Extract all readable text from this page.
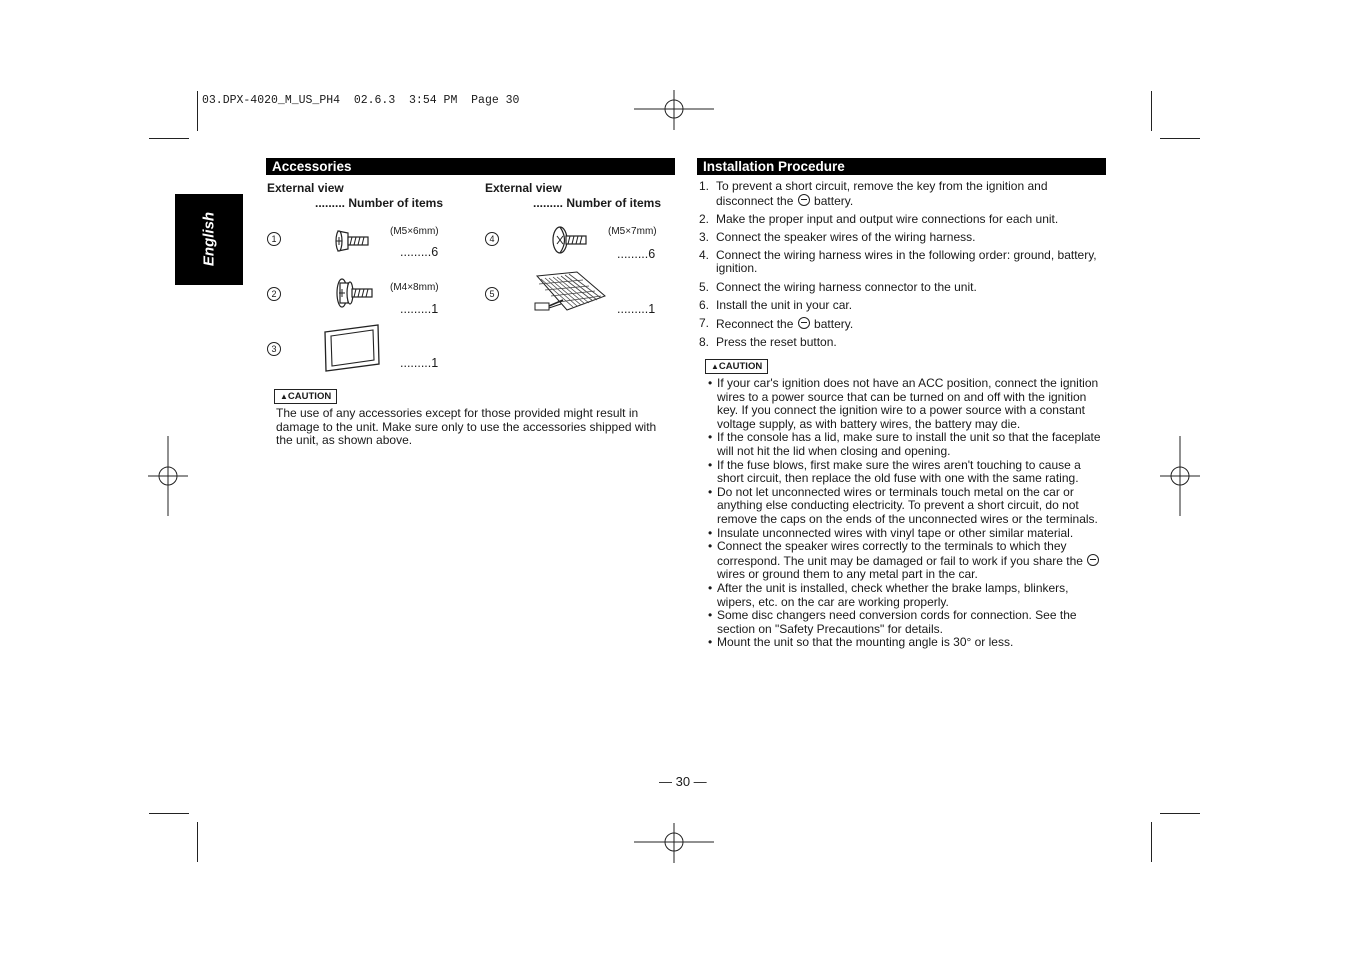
03.DPX-4020_M_US_PH4  02.6.3  3:54 PM  Page 30
English
Accessories
External view
......... Number of items
External view
......... Number of items
1
(M5×6mm)
.........6
2
(M4×8mm)
.........1
3
.........1
4
(M5×7mm)
.........6
5
.........1
▲CAUTION
The use of any accessories except for those provided might result in damage to the unit. Make sure only to use the accessories shipped with the unit, as shown above.
Installation Procedure
1. To prevent a short circuit, remove the key from the ignition and disconnect the  battery.
2. Make the proper input and output wire connections for each unit.
3. Connect the speaker wires of the wiring harness.
4. Connect the wiring harness wires in the following order: ground, battery, ignition.
5. Connect the wiring harness connector to the unit.
6. Install the unit in your car.
7. Reconnect the  battery.
8. Press the reset button.
▲CAUTION
• If your car's ignition does not have an ACC position, connect the ignition wires to a power source that can be turned on and off with the ignition key. If you connect the ignition wire to a power source with a constant voltage supply, as with battery wires, the battery may die.
• If the console has a lid, make sure to install the unit so that the faceplate will not hit the lid when closing and opening.
• If the fuse blows, first make sure the wires aren't touching to cause a short circuit, then replace the old fuse with one with the same rating.
• Do not let unconnected wires or terminals touch metal on the car or anything else conducting electricity. To prevent a short circuit, do not remove the caps on the ends of the unconnected wires or the terminals.
• Insulate unconnected wires with vinyl tape or other similar material.
• Connect the speaker wires correctly to the terminals to which they correspond. The unit may be damaged or fail to work if you share the  wires or ground them to any metal part in the car.
• After the unit is installed, check whether the brake lamps, blinkers, wipers, etc. on the car are working properly.
• Some disc changers need conversion cords for connection. See the section on "Safety Precautions" for details.
• Mount the unit so that the mounting angle is 30° or less.
— 30 —
